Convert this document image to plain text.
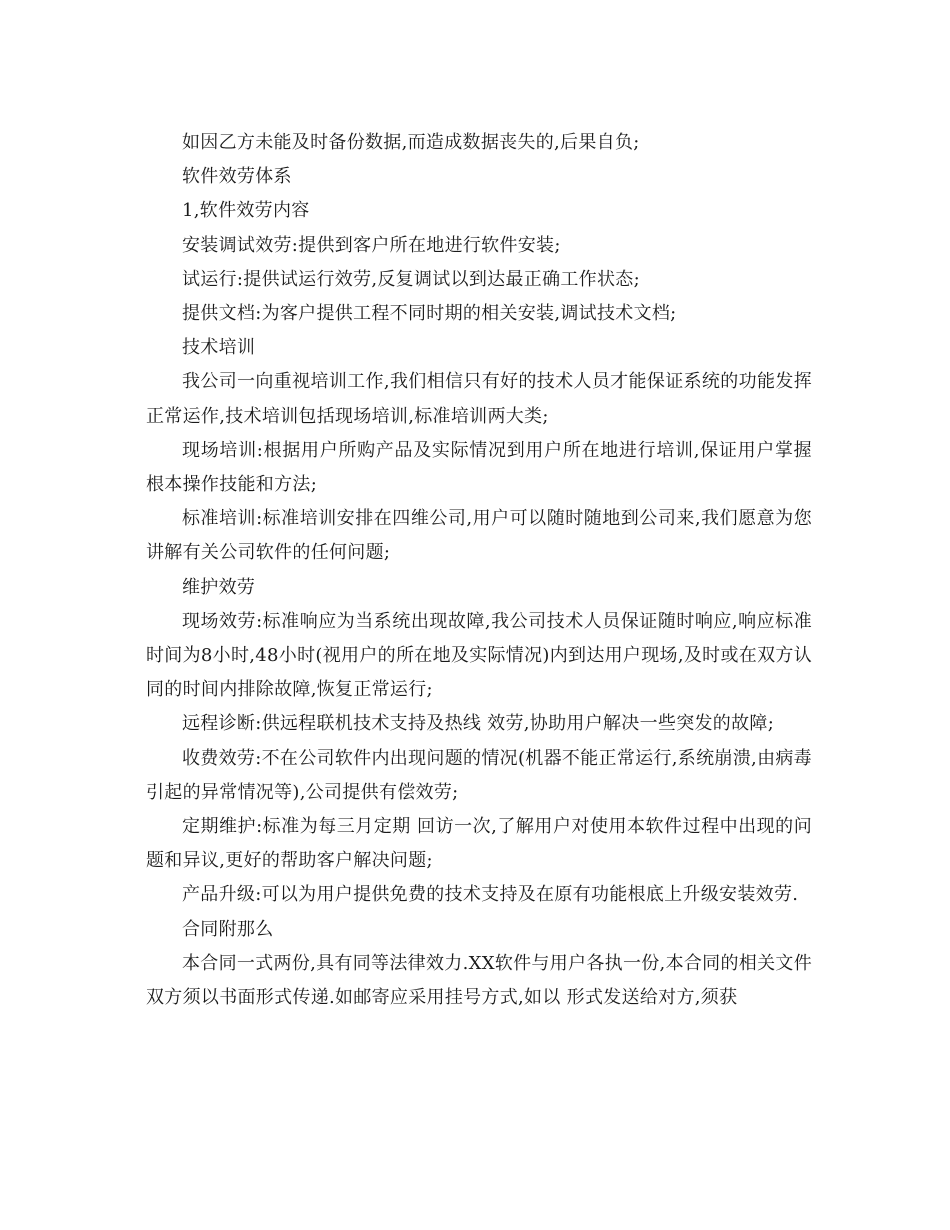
如因乙方未能及时备份数据,而造成数据丧失的,后果自负;

软件效劳体系

1,软件效劳内容

安装调试效劳:提供到客户所在地进行软件安装;

试运行:提供试运行效劳,反复调试以到达最正确工作状态;

提供文档:为客户提供工程不同时期的相关安装,调试技术文档;

技术培训

我公司一向重视培训工作,我们相信只有好的技术人员才能保证系统的功能发挥正常运作,技术培训包括现场培训,标准培训两大类;

现场培训:根据用户所购产品及实际情况到用户所在地进行培训,保证用户掌握根本操作技能和方法;

标准培训:标准培训安排在四维公司,用户可以随时随地到公司来,我们愿意为您讲解有关公司软件的任何问题;

维护效劳

现场效劳:标准响应为当系统出现故障,我公司技术人员保证随时响应,响应标准时间为8小时,48小时(视用户的所在地及实际情况)内到达用户现场,及时或在双方认同的时间内排除故障,恢复正常运行;

远程诊断:供远程联机技术支持及热线 效劳,协助用户解决一些突发的故障;

收费效劳:不在公司软件内出现问题的情况(机器不能正常运行,系统崩溃,由病毒引起的异常情况等),公司提供有偿效劳;

定期维护:标准为每三月定期 回访一次,了解用户对使用本软件过程中出现的问题和异议,更好的帮助客户解决问题;

产品升级:可以为用户提供免费的技术支持及在原有功能根底上升级安装效劳.

合同附那么

本合同一式两份,具有同等法律效力.XX软件与用户各执一份,本合同的相关文件双方须以书面形式传递.如邮寄应采用挂号方式,如以 形式发送给对方,须获
